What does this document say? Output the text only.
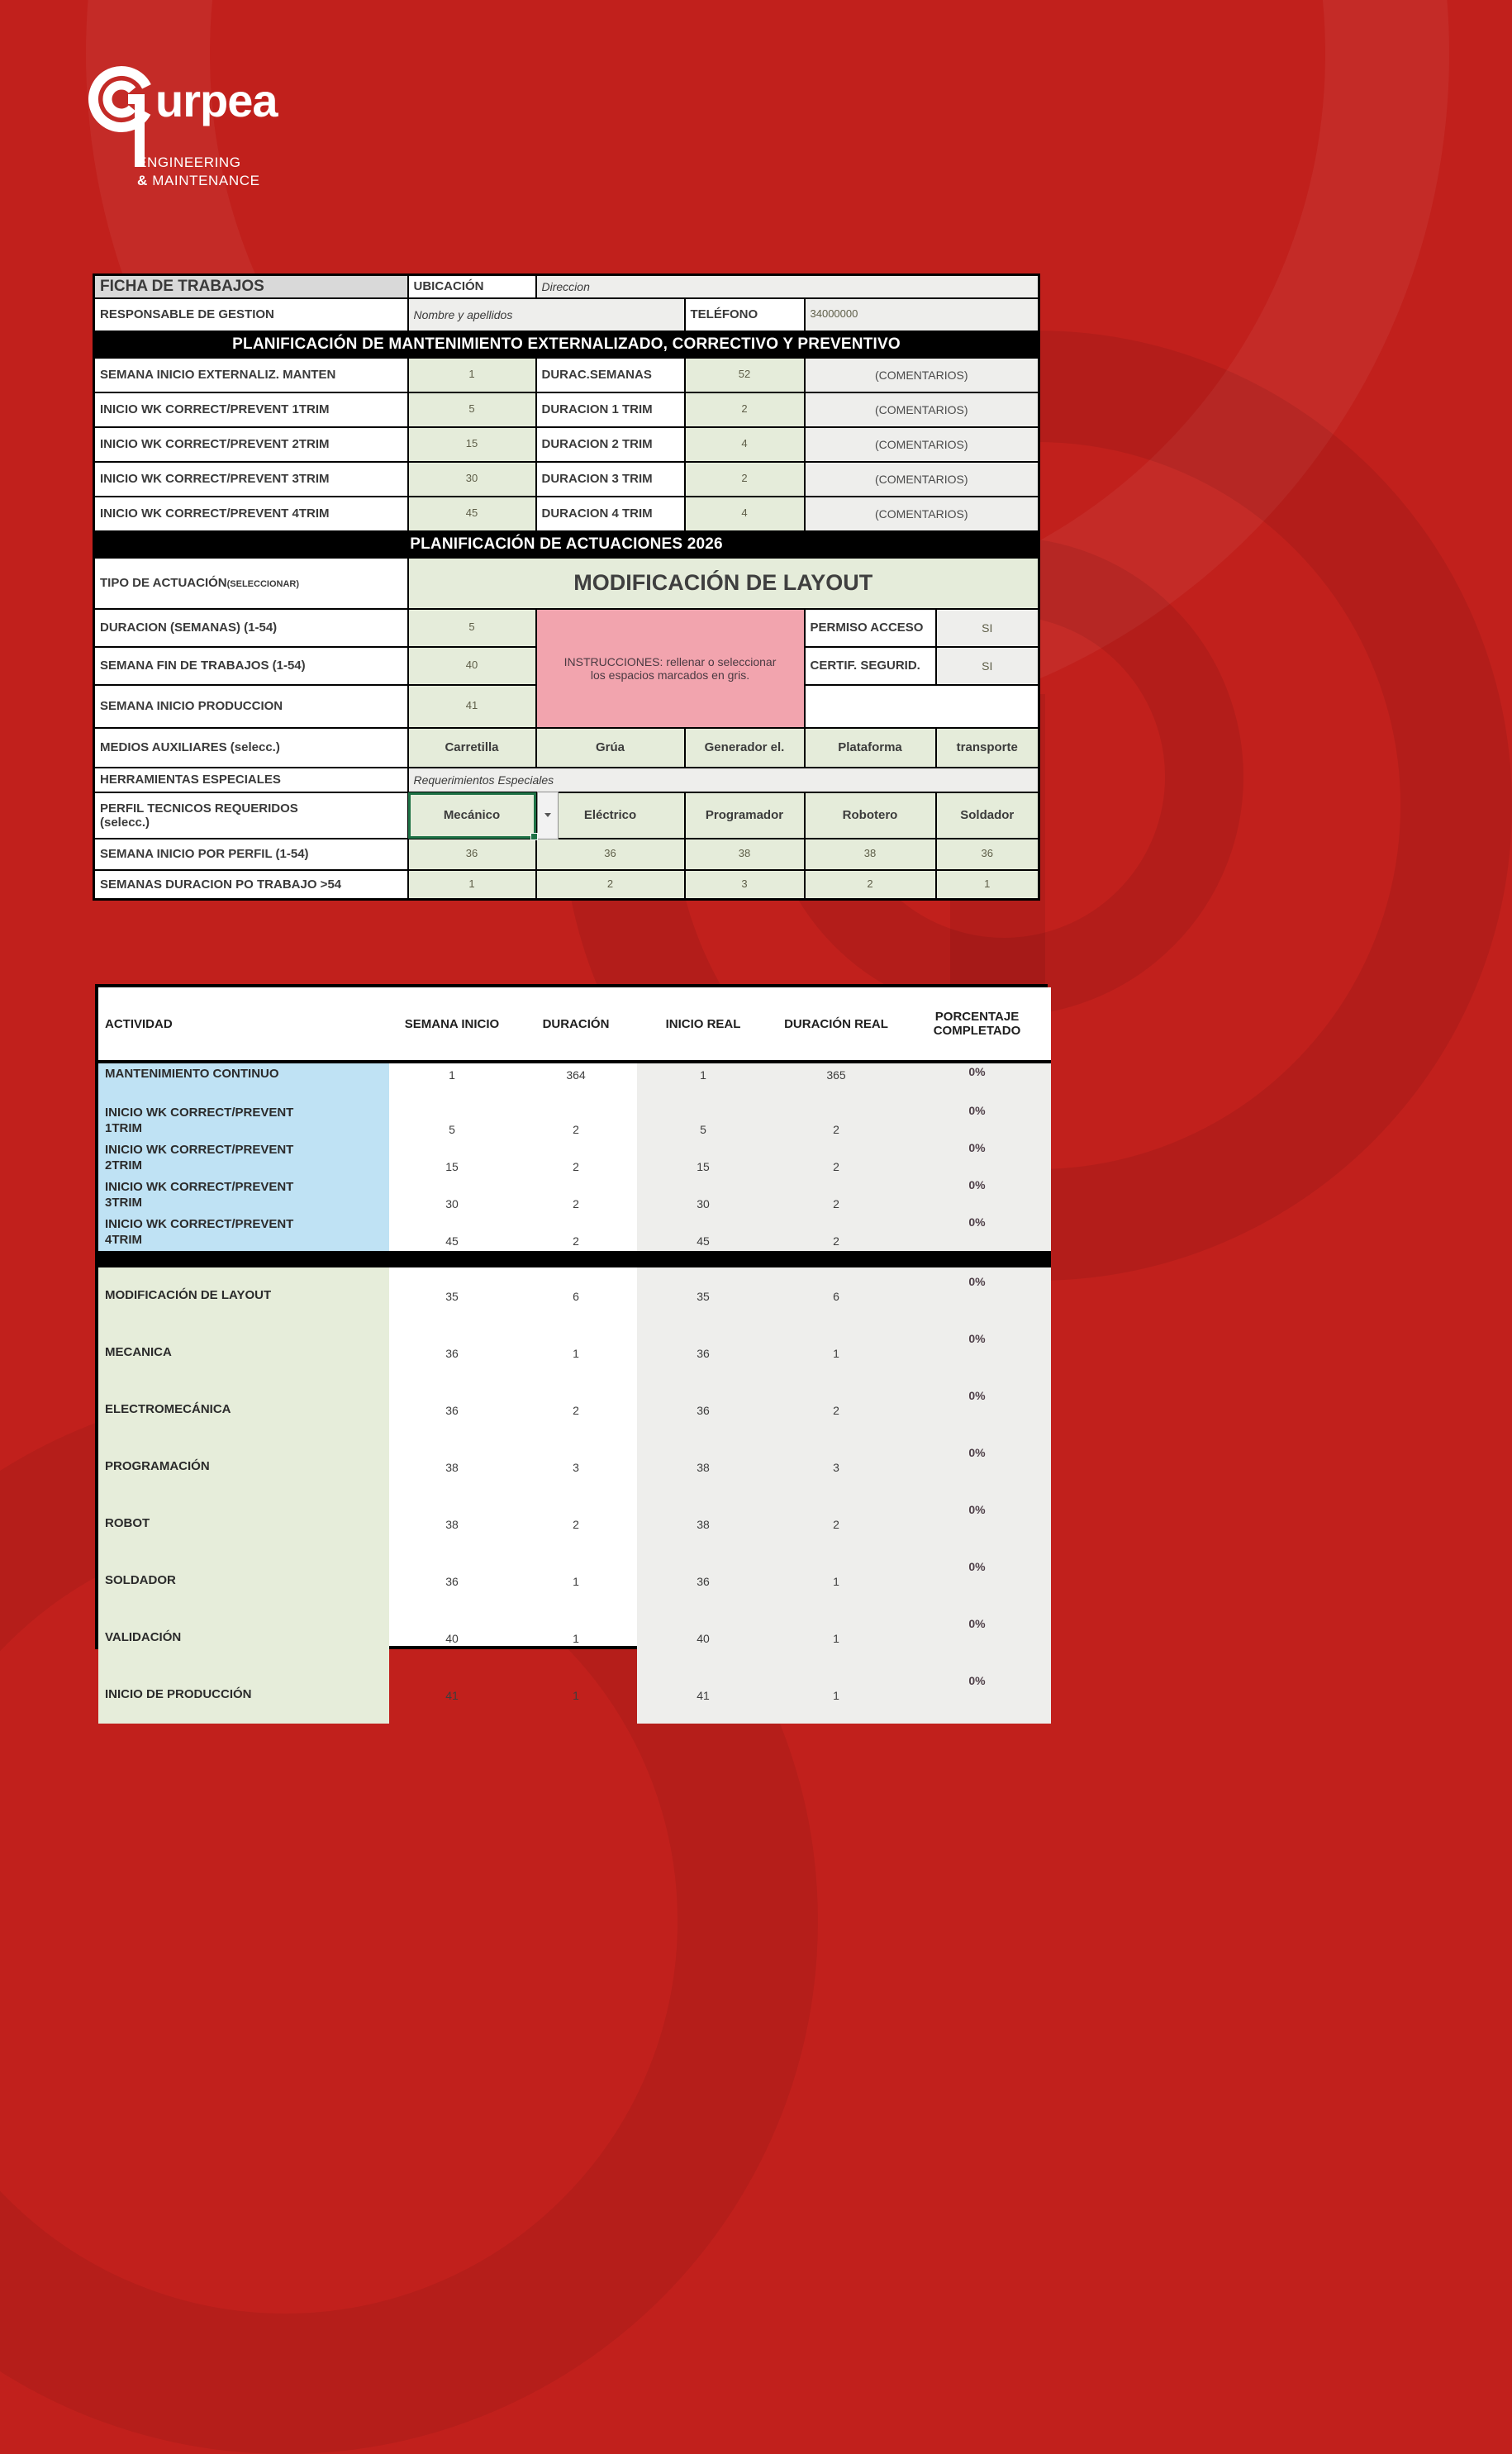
urpea
ENGINEERING
& MAINTENANCE
FICHA DE TRABAJOS	UBICACIÓN	Direccion			
RESPONSABLE DE GESTION	Nombre y apellidos		TELÉFONO	34000000	
PLANIFICACIÓN DE MANTENIMIENTO EXTERNALIZADO, CORRECTIVO Y PREVENTIVO					
SEMANA INICIO EXTERNALIZ. MANTEN	1	DURAC.SEMANAS	52	(COMENTARIOS)	
INICIO WK CORRECT/PREVENT 1TRIM	5	DURACION 1 TRIM	2	(COMENTARIOS)	
INICIO WK CORRECT/PREVENT 2TRIM	15	DURACION 2 TRIM	4	(COMENTARIOS)	
INICIO WK CORRECT/PREVENT 3TRIM	30	DURACION 3 TRIM	2	(COMENTARIOS)	
INICIO WK CORRECT/PREVENT 4TRIM	45	DURACION 4 TRIM	4	(COMENTARIOS)	
PLANIFICACIÓN DE ACTUACIONES 2026					
TIPO DE ACTUACIÓN(SELECCIONAR)	MODIFICACIÓN DE LAYOUT				
DURACION (SEMANAS) (1-54)	5	INSTRUCCIONES: rellenar o seleccionar los espacios marcados en gris.		PERMISO ACCESO	SI
SEMANA FIN DE TRABAJOS (1-54)	40			CERTIF. SEGURID.	SI
SEMANA INICIO PRODUCCION	41				
MEDIOS AUXILIARES (selecc.)	Carretilla	Grúa	Generador el.	Plataforma	transporte
HERRAMIENTAS ESPECIALES	Requerimientos Especiales				
PERFIL TECNICOS REQUERIDOS
(selecc.)	Mecánico	Eléctrico	Programador	Robotero	Soldador
SEMANA INICIO POR PERFIL (1-54)	36	36	38	38	36
SEMANAS DURACION PO TRABAJO >54	1	2	3	2	1
ACTIVIDAD	SEMANA INICIO	DURACIÓN	INICIO REAL	DURACIÓN REAL	PORCENTAJE COMPLETADO
MANTENIMIENTO CONTINUO	1	364	1	365	0%
INICIO WK CORRECT/PREVENT
1TRIM	5	2	5	2	0%
INICIO WK CORRECT/PREVENT
2TRIM	15	2	15	2	0%
INICIO WK CORRECT/PREVENT
3TRIM	30	2	30	2	0%
INICIO WK CORRECT/PREVENT
4TRIM	45	2	45	2	0%

MODIFICACIÓN DE LAYOUT	35	6	35	6	0%
MECANICA	36	1	36	1	0%
ELECTROMECÁNICA	36	2	36	2	0%
PROGRAMACIÓN	38	3	38	3	0%
ROBOT	38	2	38	2	0%
SOLDADOR	36	1	36	1	0%
VALIDACIÓN	40	1	40	1	0%
INICIO DE PRODUCCIÓN	41	1	41	1	0%
